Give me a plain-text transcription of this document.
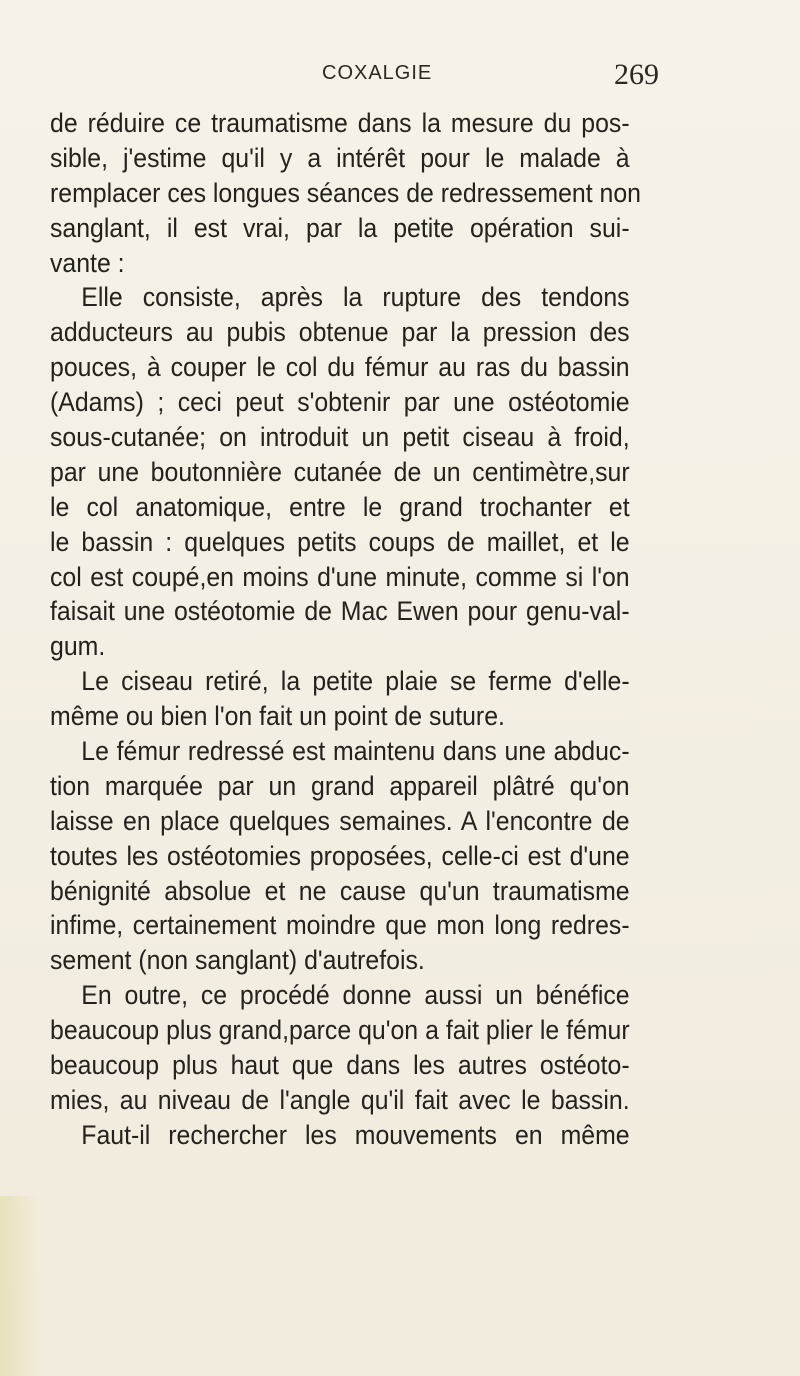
COXALGIE	269
de réduire ce traumatisme dans la mesure du pos-
sible, j'estime qu'il y a intérêt pour le malade à
remplacer ces longues séances de redressement non
sanglant, il est vrai, par la petite opération sui-
vante :
Elle consiste, après la rupture des tendons
adducteurs au pubis obtenue par la pression des
pouces, à couper le col du fémur au ras du bassin
(Adams) ; ceci peut s'obtenir par une ostéotomie
sous-cutanée; on introduit un petit ciseau à froid,
par une boutonnière cutanée de un centimètre,sur
le col anatomique, entre le grand trochanter et
le bassin : quelques petits coups de maillet, et le
col est coupé,en moins d'une minute, comme si l'on
faisait une ostéotomie de Mac Ewen pour genu-val-
gum.
Le ciseau retiré, la petite plaie se ferme d'elle-
même ou bien l'on fait un point de suture.
Le fémur redressé est maintenu dans une abduc-
tion marquée par un grand appareil plâtré qu'on
laisse en place quelques semaines. A l'encontre de
toutes les ostéotomies proposées, celle-ci est d'une
bénignité absolue et ne cause qu'un traumatisme
infime, certainement moindre que mon long redres-
sement (non sanglant) d'autrefois.
En outre, ce procédé donne aussi un bénéfice
beaucoup plus grand,parce qu'on a fait plier le fémur
beaucoup plus haut que dans les autres ostéoto-
mies, au niveau de l'angle qu'il fait avec le bassin.
Faut-il rechercher les mouvements en même
